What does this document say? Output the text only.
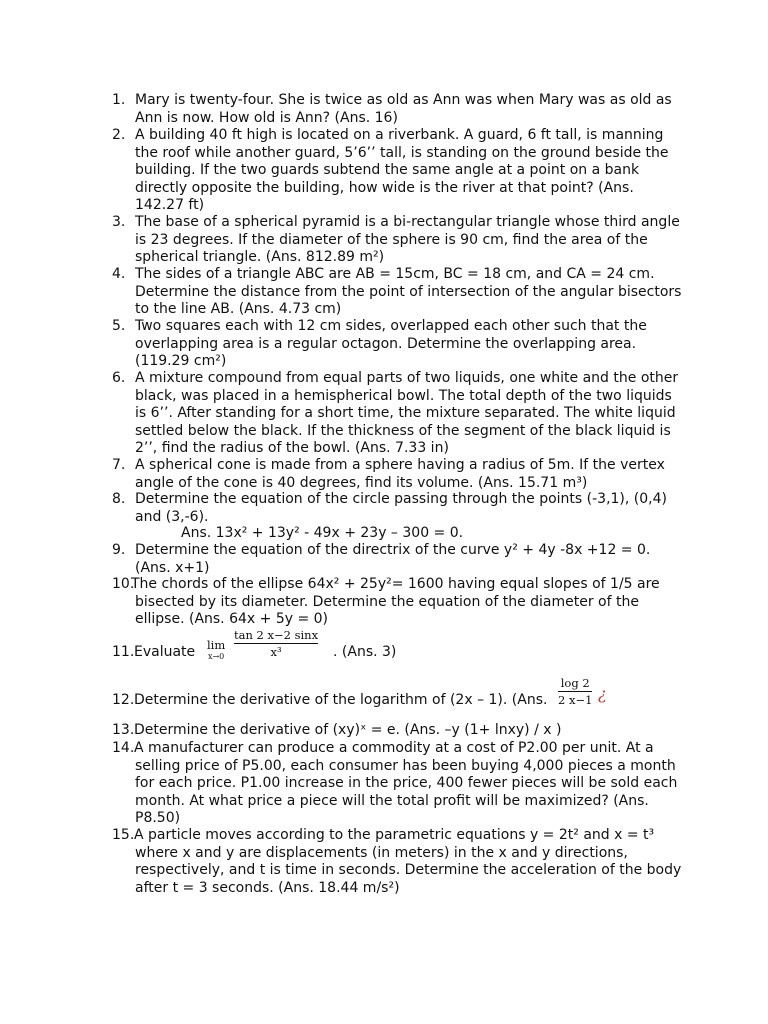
1. Mary is twenty-four. She is twice as old as Ann was when Mary was as old as
Ann is now. How old is Ann? (Ans. 16)
2. A building 40 ft high is located on a riverbank. A guard, 6 ft tall, is manning
the roof while another guard, 5’6’’ tall, is standing on the ground beside the
building. If the two guards subtend the same angle at a point on a bank
directly opposite the building, how wide is the river at that point? (Ans.
142.27 ft)
3. The base of a spherical pyramid is a bi-rectangular triangle whose third angle
is 23 degrees. If the diameter of the sphere is 90 cm, find the area of the
spherical triangle. (Ans. 812.89 m²)
4. The sides of a triangle ABC are AB = 15cm, BC = 18 cm, and CA = 24 cm.
Determine the distance from the point of intersection of the angular bisectors
to the line AB. (Ans. 4.73 cm)
5. Two squares each with 12 cm sides, overlapped each other such that the
overlapping area is a regular octagon. Determine the overlapping area.
(119.29 cm²)
6. A mixture compound from equal parts of two liquids, one white and the other
black, was placed in a hemispherical bowl. The total depth of the two liquids
is 6’’. After standing for a short time, the mixture separated. The white liquid
settled below the black. If the thickness of the segment of the black liquid is
2’’, find the radius of the bowl. (Ans. 7.33 in)
7. A spherical cone is made from a sphere having a radius of 5m. If the vertex
angle of the cone is 40 degrees, find its volume. (Ans. 15.71 m³)
8. Determine the equation of the circle passing through the points (-3,1), (0,4)
and (3,-6).
Ans. 13x² + 13y² - 49x + 23y – 300 = 0.
9. Determine the equation of the directrix of the curve y² + 4y -8x +12 = 0.
(Ans. x+1)
10.
The chords of the ellipse 64x² + 25y²= 1600 having equal slopes of 1/5 are
bisected by its diameter. Determine the equation of the diameter of the
ellipse. (Ans. 64x + 5y = 0)
11. Evaluate lim
x→0
tan 2 x−2 sinx
x³	. (Ans. 3)
12. Determine the derivative of the logarithm of (2x – 1). (Ans.
log 2
2 x−1 ¿
13. Determine the derivative of (xy)ˣ = e. (Ans. –y (1+ lnxy) / x )
14. A manufacturer can produce a commodity at a cost of P2.00 per unit. At a
selling price of P5.00, each consumer has been buying 4,000 pieces a month
for each price. P1.00 increase in the price, 400 fewer pieces will be sold each
month. At what price a piece will the total profit will be maximized? (Ans.
P8.50)
15. A particle moves according to the parametric equations y = 2t² and x = t³
where x and y are displacements (in meters) in the x and y directions,
respectively, and t is time in seconds. Determine the acceleration of the body
after t = 3 seconds. (Ans. 18.44 m/s²)
